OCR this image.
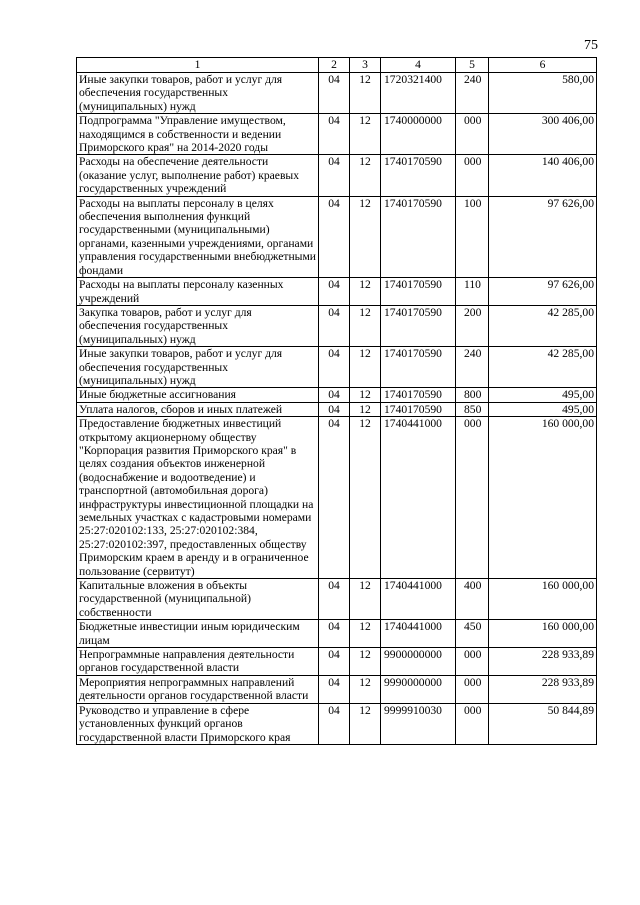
75
1	2	3	4	5	6
Иные закупки товаров, работ и услуг для обеспечения государственных (муниципальных) нужд	04	12	1720321400	240	580,00
Подпрограмма "Управление имуществом, находящимся в собственности и ведении Приморского края" на 2014-2020 годы	04	12	1740000000	000	300 406,00
Расходы на обеспечение деятельности (оказание услуг, выполнение работ) краевых государственных учреждений	04	12	1740170590	000	140 406,00
Расходы на выплаты персоналу в целях обеспечения выполнения функций государственными (муниципальными) органами, казенными учреждениями, органами управления государственными внебюджетными фондами	04	12	1740170590	100	97 626,00
Расходы на выплаты персоналу казенных учреждений	04	12	1740170590	110	97 626,00
Закупка товаров, работ и услуг для обеспечения государственных (муниципальных) нужд	04	12	1740170590	200	42 285,00
Иные закупки товаров, работ и услуг для обеспечения государственных (муниципальных) нужд	04	12	1740170590	240	42 285,00
Иные бюджетные ассигнования	04	12	1740170590	800	495,00
Уплата налогов, сборов и иных платежей	04	12	1740170590	850	495,00
Предоставление бюджетных инвестиций открытому акционерному обществу "Корпорация развития Приморского края" в целях создания объектов инженерной (водоснабжение и водоотведение) и транспортной (автомобильная дорога) инфраструктуры инвестиционной площадки на земельных участках с кадастровыми номерами 25:27:020102:133, 25:27:020102:384, 25:27:020102:397, предоставленных обществу Приморским краем в аренду и в ограниченное пользование (сервитут)	04	12	1740441000	000	160 000,00
Капитальные вложения в объекты государственной (муниципальной) собственности	04	12	1740441000	400	160 000,00
Бюджетные инвестиции иным юридическим лицам	04	12	1740441000	450	160 000,00
Непрограммные направления деятельности органов государственной власти	04	12	9900000000	000	228 933,89
Мероприятия непрограммных направлений деятельности органов государственной власти	04	12	9990000000	000	228 933,89
Руководство и управление в сфере установленных функций органов государственной власти Приморского края	04	12	9999910030	000	50 844,89
